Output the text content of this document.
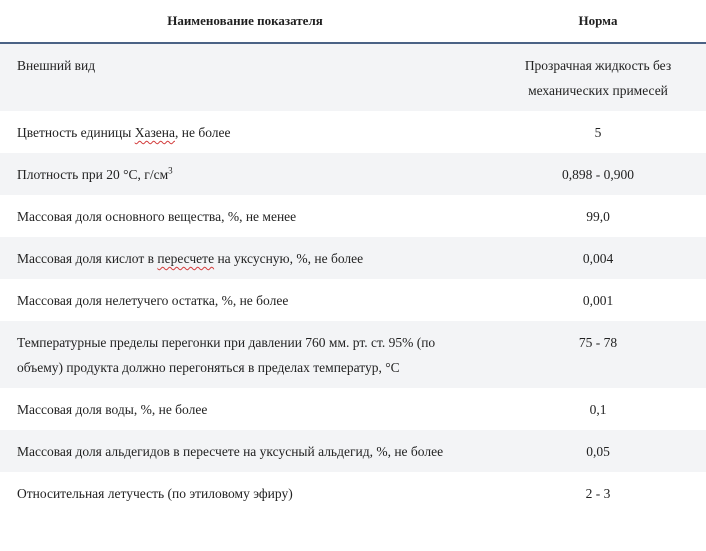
Наименование показателя	Норма
Внешний вид	Прозрачная жидкость без механических примесей
Цветность единицы Хазена, не более	5
Плотность при 20 °С, $г/см^3$	0,898 - 0,900
Массовая доля основного вещества, %, не менее	99,0
Массовая доля кислот в пересчете на уксусную, %, не более	0,004
Массовая доля нелетучего остатка, %, не более	0,001
Температурные пределы перегонки при давлении 760 мм. рт. ст. 95% (по объему) продукта должно перегоняться в пределах температур, °С	75 - 78
Массовая доля воды, %, не более	0,1
Массовая доля альдегидов в пересчете на уксусный альдегид, %, не более	0,05
Относительная летучесть (по этиловому эфиру)	2 - 3
